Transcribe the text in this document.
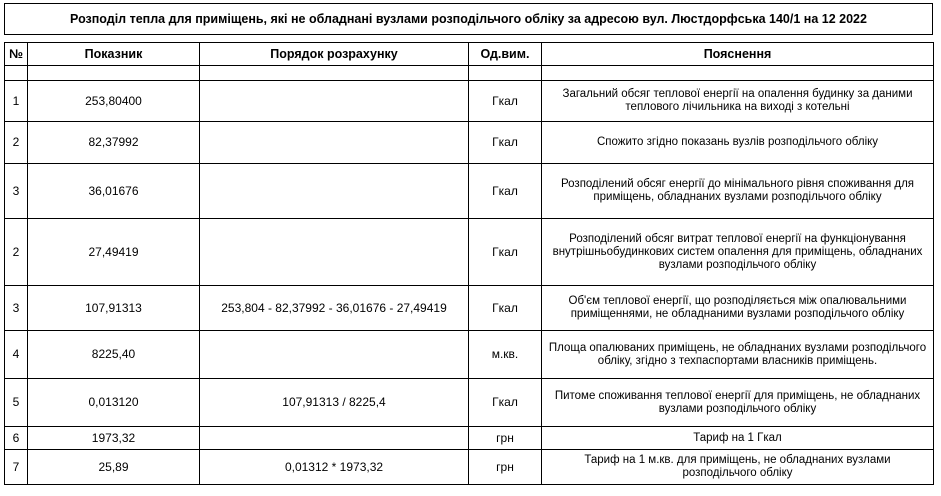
Розподіл тепла для приміщень, які не обладнані вузлами розподільчого обліку за адресою вул. Люстдорфська 140/1 на 12 2022
№	Показник	Порядок розрахунку	Од.вим.	Пояснення

1	253,80400		Гкал	Загальний обсяг теплової енергії на опалення будинку за даними теплового лічильника на виході з котельні
2	82,37992		Гкал	Спожито згідно показань вузлів розподільчого обліку
3	36,01676		Гкал	Розподілений обсяг енергії до мінімального рівня споживання для приміщень, обладнаних вузлами розподільчого обліку
2	27,49419		Гкал	Розподілений обсяг витрат теплової енергії на функціонування внутрішньобудинкових систем опалення для приміщень, обладнаних вузлами розподільчого обліку
3	107,91313	253,804 - 82,37992 - 36,01676 - 27,49419	Гкал	Об'єм теплової енергії, що розподіляється між опалювальними приміщеннями, не обладнаними вузлами розподільчого обліку
4	8225,40		м.кв.	Площа опалюваних приміщень, не обладнаних вузлами розподільчого обліку, згідно з техпаспортами власників приміщень.
5	0,013120	107,91313 / 8225,4	Гкал	Питоме споживання теплової енергії для приміщень, не обладнаних вузлами розподільчого обліку
6	1973,32		грн	Тариф на 1 Гкал
7	25,89	0,01312 * 1973,32	грн	Тариф на 1 м.кв. для приміщень, не обладнаних вузлами розподільчого обліку
